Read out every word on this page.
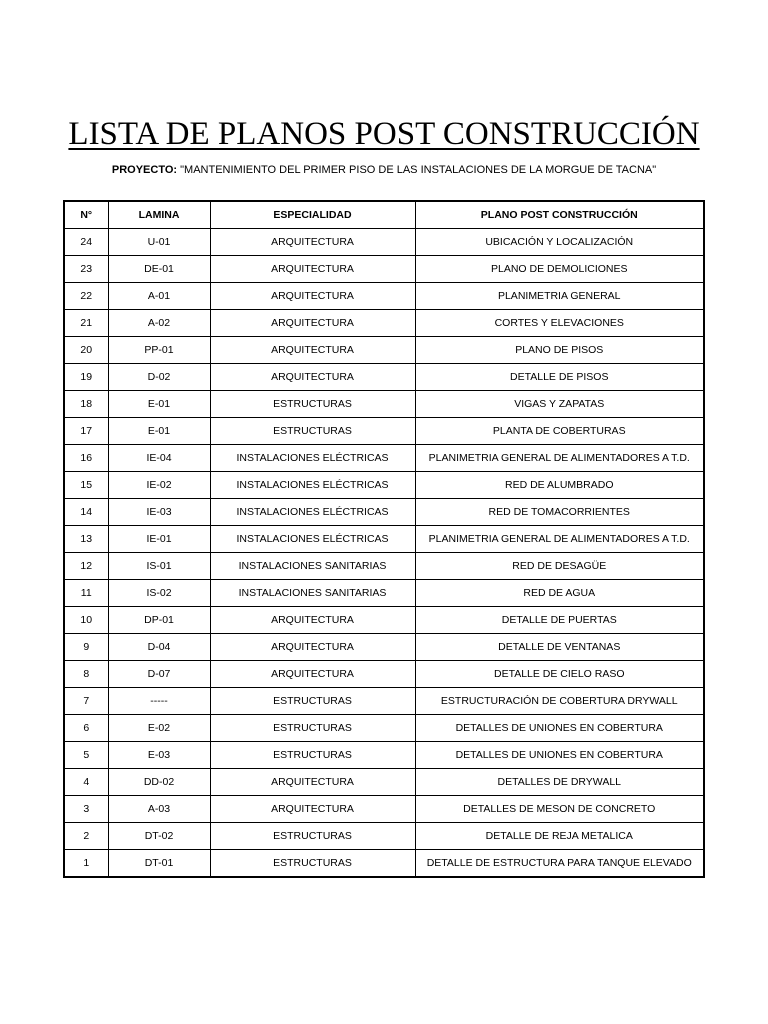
LISTA DE PLANOS POST CONSTRUCCIÓN
PROYECTO: "MANTENIMIENTO DEL PRIMER PISO DE LAS INSTALACIONES DE LA MORGUE DE TACNA"
N°	LAMINA	ESPECIALIDAD	PLANO POST CONSTRUCCIÓN
24	U-01	ARQUITECTURA	UBICACIÓN Y LOCALIZACIÓN
23	DE-01	ARQUITECTURA	PLANO DE DEMOLICIONES
22	A-01	ARQUITECTURA	PLANIMETRIA GENERAL
21	A-02	ARQUITECTURA	CORTES Y ELEVACIONES
20	PP-01	ARQUITECTURA	PLANO DE PISOS
19	D-02	ARQUITECTURA	DETALLE DE PISOS
18	E-01	ESTRUCTURAS	VIGAS Y ZAPATAS
17	E-01	ESTRUCTURAS	PLANTA DE COBERTURAS
16	IE-04	INSTALACIONES ELÉCTRICAS	PLANIMETRIA GENERAL DE ALIMENTADORES A T.D.
15	IE-02	INSTALACIONES ELÉCTRICAS	RED DE ALUMBRADO
14	IE-03	INSTALACIONES ELÉCTRICAS	RED DE TOMACORRIENTES
13	IE-01	INSTALACIONES ELÉCTRICAS	PLANIMETRIA GENERAL DE ALIMENTADORES A T.D.
12	IS-01	INSTALACIONES SANITARIAS	RED DE DESAGÜE
11	IS-02	INSTALACIONES SANITARIAS	RED DE AGUA
10	DP-01	ARQUITECTURA	DETALLE DE PUERTAS
9	D-04	ARQUITECTURA	DETALLE DE VENTANAS
8	D-07	ARQUITECTURA	DETALLE DE CIELO RASO
7	-----	ESTRUCTURAS	ESTRUCTURACIÓN DE COBERTURA DRYWALL
6	E-02	ESTRUCTURAS	DETALLES DE UNIONES EN COBERTURA
5	E-03	ESTRUCTURAS	DETALLES DE UNIONES EN COBERTURA
4	DD-02	ARQUITECTURA	DETALLES DE DRYWALL
3	A-03	ARQUITECTURA	DETALLES DE MESON DE CONCRETO
2	DT-02	ESTRUCTURAS	DETALLE DE REJA METALICA
1	DT-01	ESTRUCTURAS	DETALLE DE ESTRUCTURA PARA TANQUE ELEVADO
